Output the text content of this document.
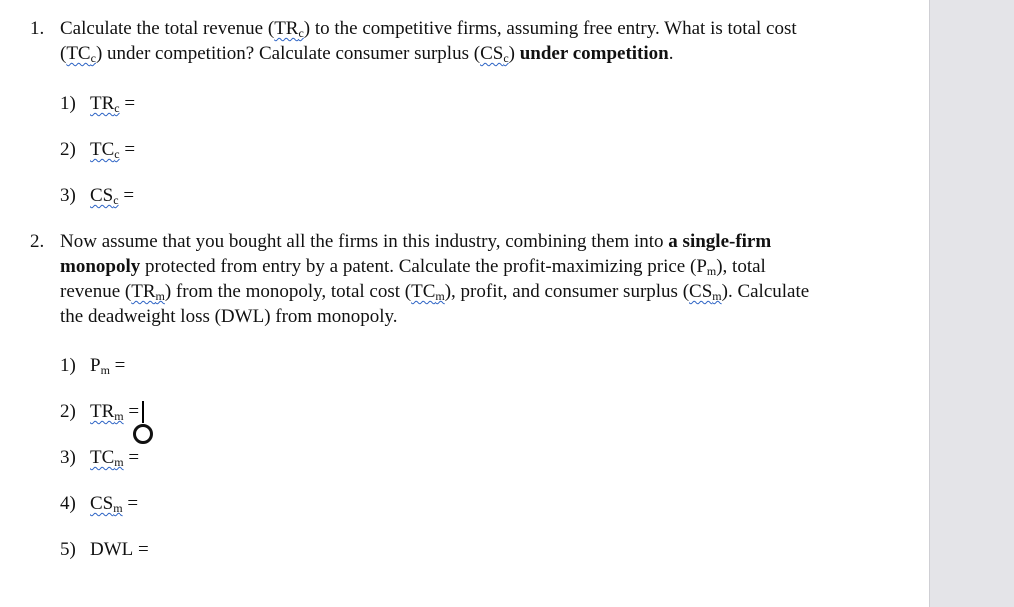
1. Calculate the total revenue $(TR_c)$ to the competitive firms, assuming free entry. What is total cost $(TC_c)$ under competition? Calculate consumer surplus $(CS_c)$ under competition.
1) $TR_c$ =
2) $TC_c$ =
3) $CS_c$ =
2. Now assume that you bought all the firms in this industry, combining them into a single-firm monopoly protected from entry by a patent. Calculate the profit-maximizing price $(P_m)$, total revenue $(TR_m)$ from the monopoly, total cost $(TC_m)$, profit, and consumer surplus $(CS_m)$. Calculate the deadweight loss (DWL) from monopoly.
1) $P_m$ =
2) $TR_m$ =
3) $TC_m$ =
4) $CS_m$ =
5) DWL =
